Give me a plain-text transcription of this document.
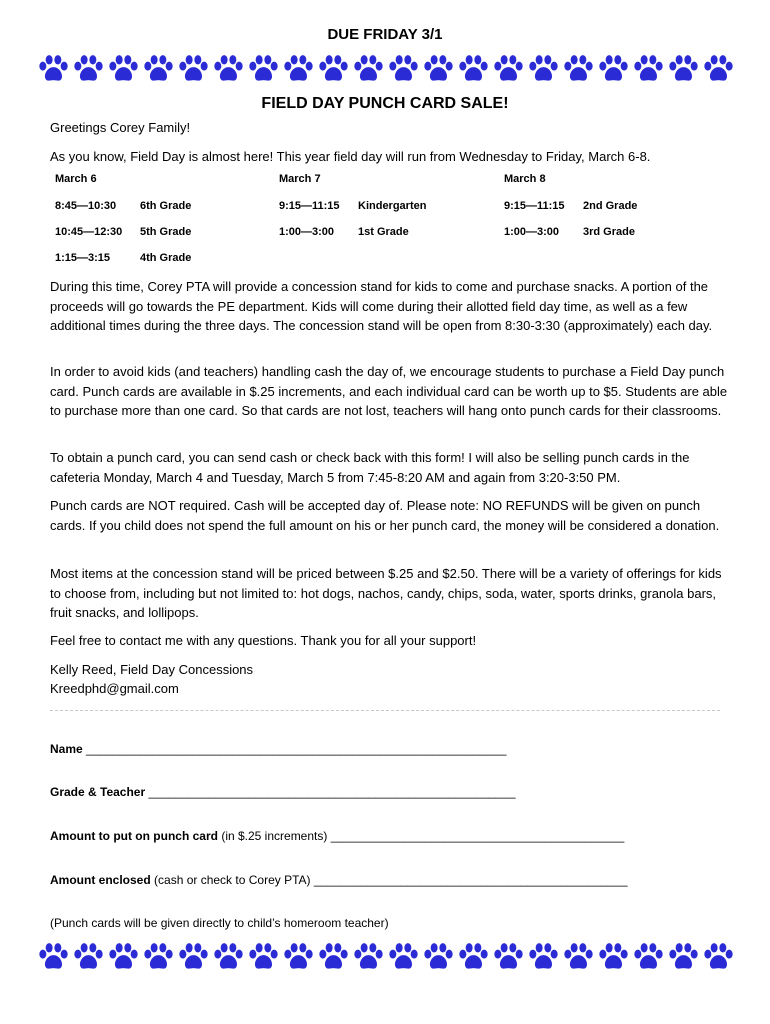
DUE FRIDAY 3/1
FIELD DAY PUNCH CARD SALE!
Greetings Corey Family!
As you know, Field Day is almost here! This year field day will run from Wednesday to Friday, March 6-8.
March 6
8:45—10:30 6th Grade
10:45—12:30 5th Grade
1:15—3:15	4th Grade
March 7
9:15—11:15 Kindergarten
1:00—3:00 1st Grade
March 8
9:15—11:15 2nd Grade
1:00—3:00 3rd Grade
During this time, Corey PTA will provide a concession stand for kids to come and purchase snacks. A portion of the proceeds will go towards the PE department. Kids will come during their allotted field day time, as well as a few additional times during the three days. The concession stand will be open from 8:30-3:30 (approximately) each day.
In order to avoid kids (and teachers) handling cash the day of, we encourage students to purchase a Field Day punch card. Punch cards are available in $.25 increments, and each individual card can be worth up to $5. Students are able to purchase more than one card. So that cards are not lost, teachers will hang onto punch cards for their classrooms.
To obtain a punch card, you can send cash or check back with this form! I will also be selling punch cards in the cafeteria Monday, March 4 and Tuesday, March 5 from 7:45-8:20 AM and again from 3:20-3:50 PM.
Punch cards are NOT required. Cash will be accepted day of. Please note: NO REFUNDS will be given on punch cards. If you child does not spend the full amount on his or her punch card, the money will be considered a donation.
Most items at the concession stand will be priced between $.25 and $2.50. There will be a variety of offerings for kids to choose from, including but not limited to: hot dogs, nachos, candy, chips, soda, water, sports drinks, granola bars, fruit snacks, and lollipops.
Feel free to contact me with any questions. Thank you for all your support!
Kelly Reed, Field Day Concessions
Kreedphd@gmail.com
Name _______________________________________________________________
Grade & Teacher _______________________________________________________
Amount to put on punch card (in $.25 increments) ____________________________________________
Amount enclosed (cash or check to Corey PTA) _______________________________________________
(Punch cards will be given directly to child’s homeroom teacher)
